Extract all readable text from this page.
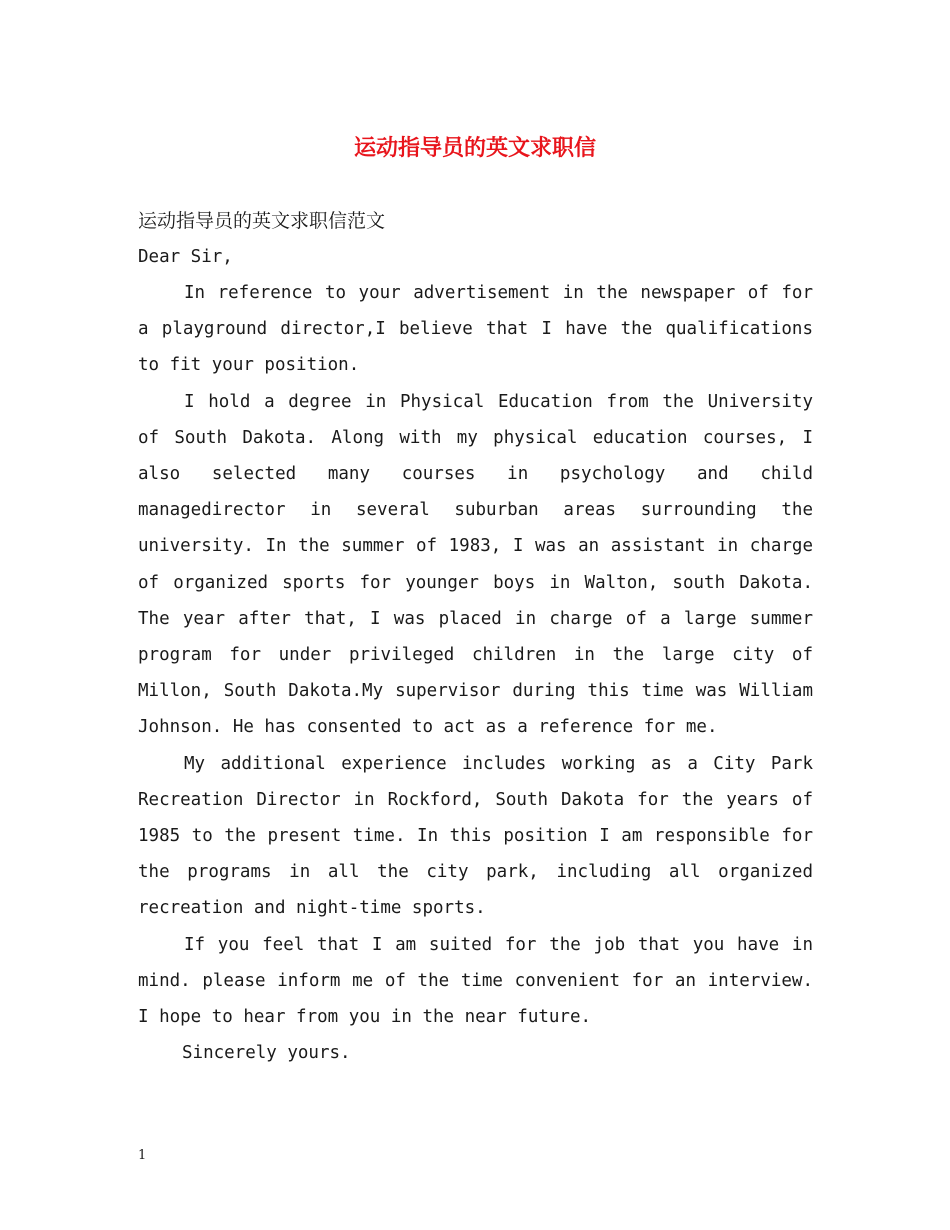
运动指导员的英文求职信

运动指导员的英文求职信范文

Dear Sir,

In reference to your advertisement in the newspaper of for a playground director,I believe that I have the qualifications to fit your position.

I hold a degree in Physical Education from the University of South Dakota. Along with my physical education courses, I also selected many courses in psychology and child managedirector in several suburban areas surrounding the university. In the summer of 1983, I was an assistant in charge of organized sports for younger boys in Walton, south Dakota. The year after that, I was placed in charge of a large summer program for under privileged children in the large city of Millon, South Dakota.My supervisor during this time was William Johnson. He has consented to act as a reference for me.

My additional experience includes working as a City Park Recreation Director in Rockford, South Dakota for the years of 1985 to the present time. In this position I am responsible for the programs in all the city park, including all organized recreation and night-time sports.

If you feel that I am suited for the job that you have in mind. please inform me of the time convenient for an interview. I hope to hear from you in the near future.

Sincerely yours.

1
